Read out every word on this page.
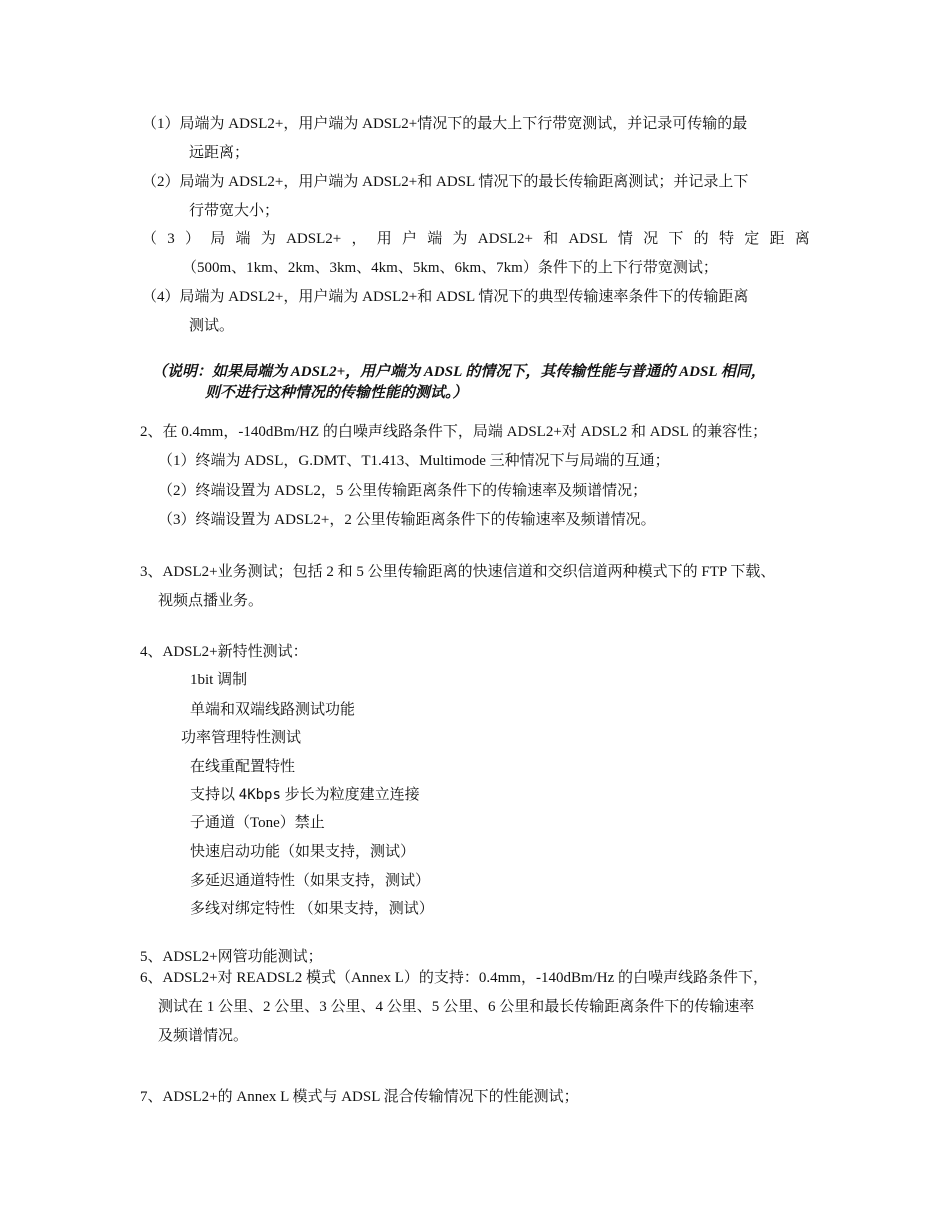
（1）局端为 ADSL2+，用户端为 ADSL2+情况下的最大上下行带宽测试，并记录可传输的最
远距离；
（2）局端为 ADSL2+，用户端为 ADSL2+和 ADSL 情况下的最长传输距离测试；并记录上下
行带宽大小；
（ 3 ） 局 端 为 ADSL2+ ， 用 户 端 为 ADSL2+ 和 ADSL 情 况 下 的 特 定 距 离
（500m、1km、2km、3km、4km、5km、6km、7km）条件下的上下行带宽测试；
（4）局端为 ADSL2+，用户端为 ADSL2+和 ADSL 情况下的典型传输速率条件下的传输距离
测试。
（说明：如果局端为 ADSL2+，用户端为 ADSL 的情况下，其传输性能与普通的 ADSL 相同，
则不进行这种情况的传输性能的测试。）
2、在 0.4mm，-140dBm/HZ 的白噪声线路条件下，局端 ADSL2+对 ADSL2 和 ADSL 的兼容性；
（1）终端为 ADSL，G.DMT、T1.413、Multimode 三种情况下与局端的互通；
（2）终端设置为 ADSL2，5 公里传输距离条件下的传输速率及频谱情况；
（3）终端设置为 ADSL2+，2 公里传输距离条件下的传输速率及频谱情况。
3、ADSL2+业务测试；包括 2 和 5 公里传输距离的快速信道和交织信道两种模式下的 FTP 下载、
视频点播业务。
4、ADSL2+新特性测试：
1bit 调制
单端和双端线路测试功能
功率管理特性测试
在线重配置特性
支持以 4Kbps 步长为粒度建立连接
子通道（Tone）禁止
快速启动功能（如果支持，测试）
多延迟通道特性（如果支持，测试）
多线对绑定特性 （如果支持，测试）
5、ADSL2+网管功能测试；
6、ADSL2+对 READSL2 模式（Annex L）的支持：0.4mm，-140dBm/Hz 的白噪声线路条件下，
测试在 1 公里、2 公里、3 公里、4 公里、5 公里、6 公里和最长传输距离条件下的传输速率
及频谱情况。
7、ADSL2+的 Annex L 模式与 ADSL 混合传输情况下的性能测试；
